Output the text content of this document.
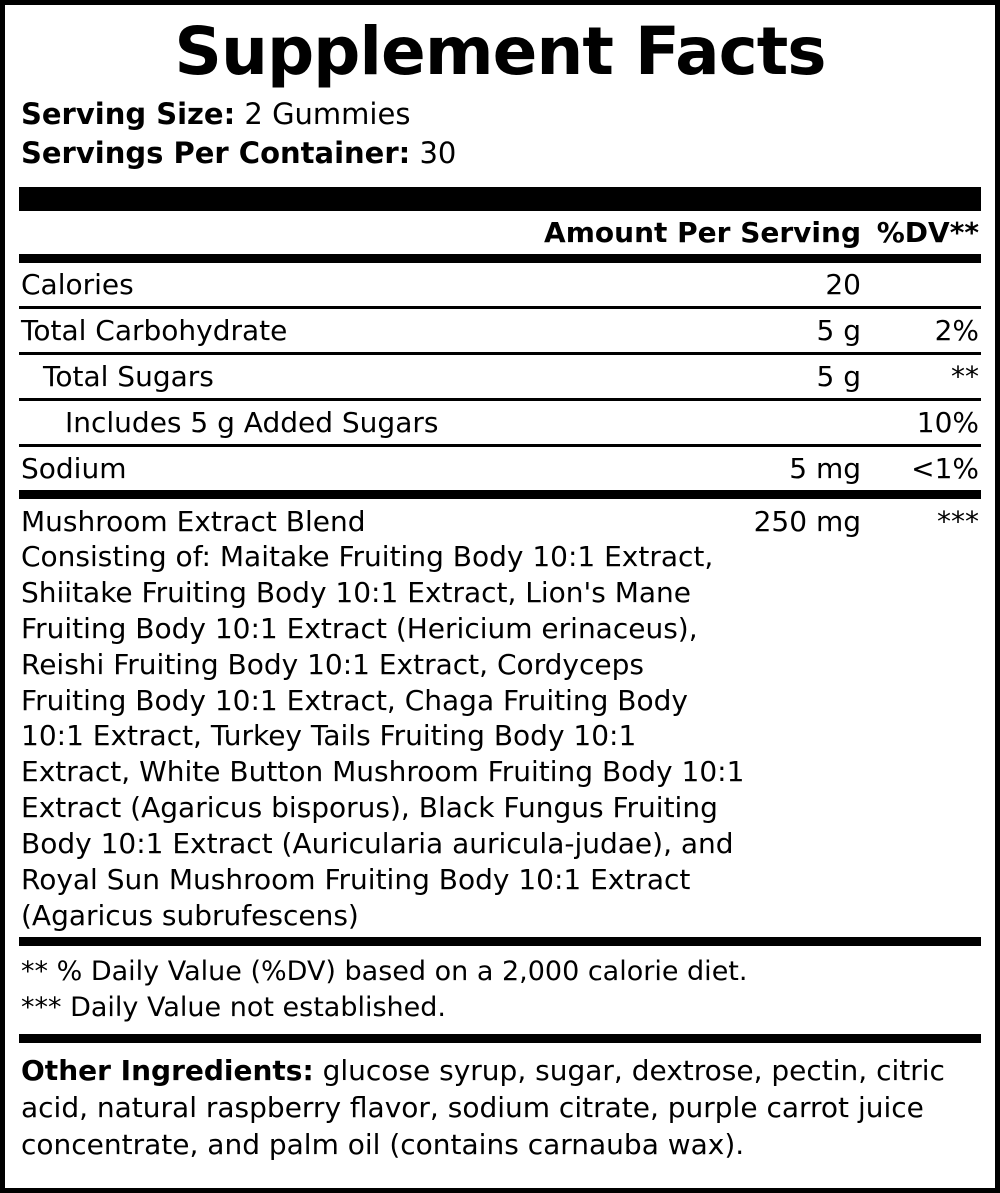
Supplement Facts
Serving Size: 2 Gummies
Servings Per Container: 30
Amount Per Serving %DV**
Calories	20
Total Carbohydrate	5 g	2%
Total Sugars	5 g	**
Includes 5 g Added Sugars	10%
Sodium	5 mg	<1%
Mushroom Extract Blend	250 mg	***
Consisting of: Maitake Fruiting Body 10:1 Extract, Shiitake Fruiting Body 10:1 Extract, Lion's Mane Fruiting Body 10:1 Extract (Hericium erinaceus), Reishi Fruiting Body 10:1 Extract, Cordyceps Fruiting Body 10:1 Extract, Chaga Fruiting Body 10:1 Extract, Turkey Tails Fruiting Body 10:1 Extract, White Button Mushroom Fruiting Body 10:1 Extract (Agaricus bisporus), Black Fungus Fruiting Body 10:1 Extract (Auricularia auricula-judae), and Royal Sun Mushroom Fruiting Body 10:1 Extract (Agaricus subrufescens)
** % Daily Value (%DV) based on a 2,000 calorie diet.
*** Daily Value not established.
Other Ingredients: glucose syrup, sugar, dextrose, pectin, citric acid, natural raspberry flavor, sodium citrate, purple carrot juice concentrate, and palm oil (contains carnauba wax).
